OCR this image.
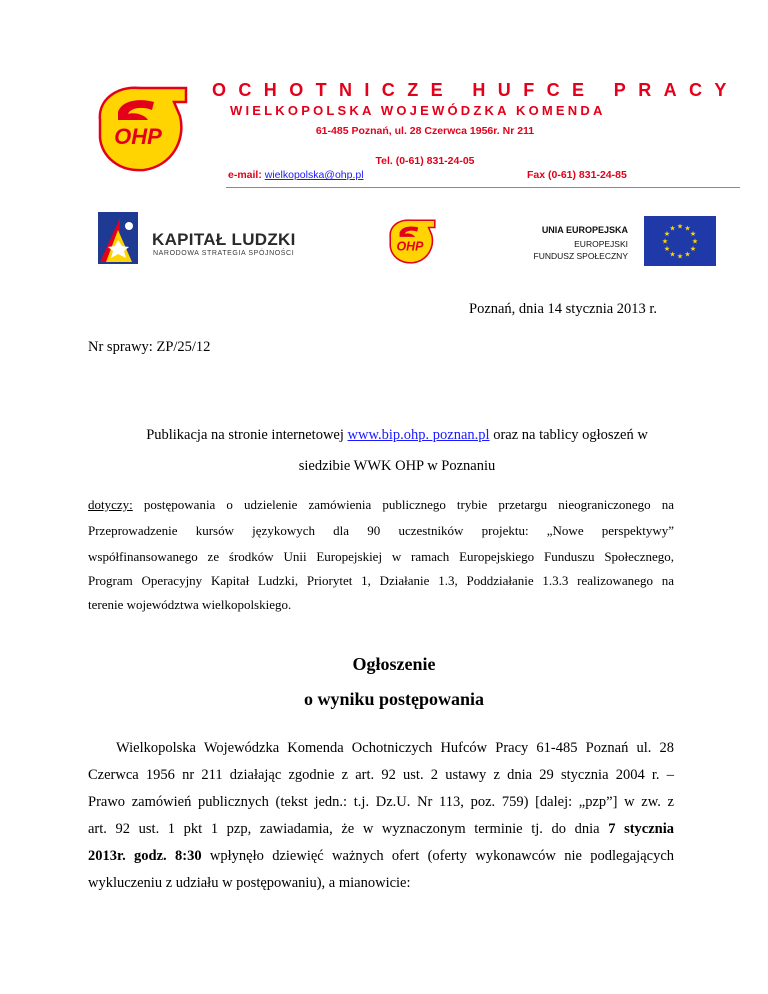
OHP
OCHOTNICZE HUFCE PRACY
WIELKOPOLSKA WOJEWÓDZKA KOMENDA
61-485 Poznań, ul. 28 Czerwca 1956r. Nr 211
Tel. (0-61) 831-24-05
e-mail: wielkopolska@ohp.pl	Fax (0-61) 831-24-85
KAPITAŁ LUDZKI
NARODOWA STRATEGIA SPÓJNOŚCI
OHP
UNIA EUROPEJSKA
EUROPEJSKI
FUNDUSZ SPOŁECZNY
★ ★
★
★
★
★
★
★
★
★
★
★
Poznań, dnia 14 stycznia 2013 r.
Nr sprawy: ZP/25/12
Publikacja na stronie internetowej www.bip.ohp. poznan.pl oraz na tablicy ogłoszeń w
siedzibie WWK OHP w Poznaniu
dotyczy: postępowania o udzielenie zamówienia publicznego trybie przetargu nieograniczonego na
Przeprowadzenie kursów językowych dla 90 uczestników projektu: „Nowe perspektywy”
współfinansowanego ze środków Unii Europejskiej w ramach Europejskiego Funduszu Społecznego,
Program Operacyjny Kapitał Ludzki, Priorytet 1, Działanie 1.3, Poddziałanie 1.3.3 realizowanego na
terenie województwa wielkopolskiego.
Ogłoszenie
o wyniku postępowania
Wielkopolska Wojewódzka Komenda Ochotniczych Hufców Pracy 61-485 Poznań ul. 28
Czerwca 1956 nr 211 działając zgodnie z art. 92 ust. 2 ustawy z dnia 29 stycznia 2004 r. –
Prawo zamówień publicznych (tekst jedn.: t.j. Dz.U. Nr 113, poz. 759) [dalej: „pzp”] w zw. z
art. 92 ust. 1 pkt 1 pzp, zawiadamia, że w wyznaczonym terminie tj. do dnia 7 stycznia
2013r. godz. 8:30 wpłynęło dziewięć ważnych ofert (oferty wykonawców nie podlegających
wykluczeniu z udziału w postępowaniu), a mianowicie:
